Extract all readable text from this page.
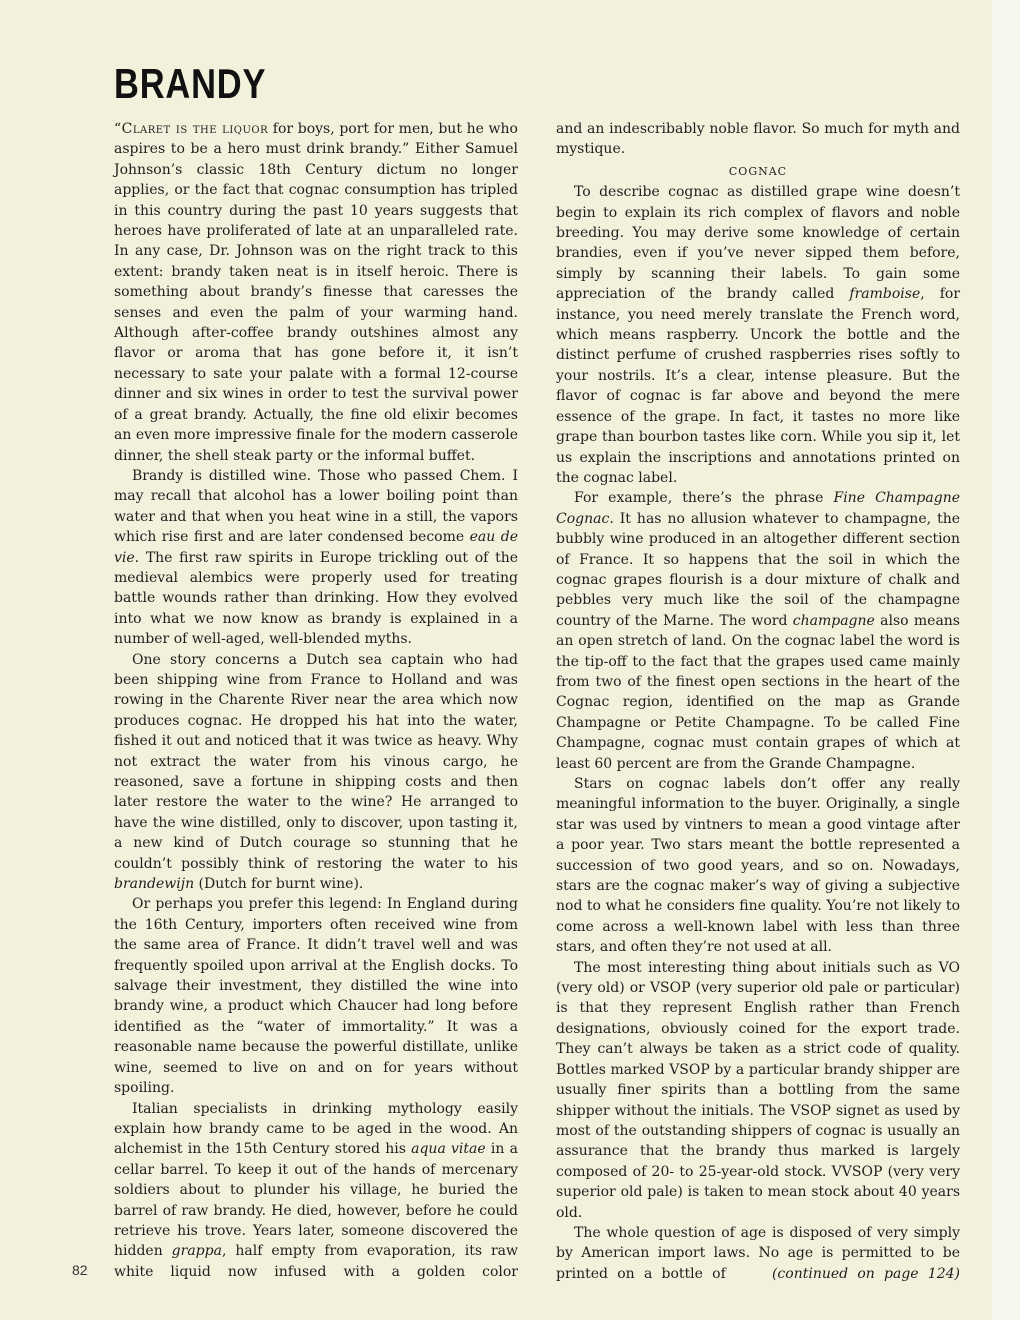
BRANDY

“Claret is the liquor for boys, port for men, but he who aspires to be a hero must drink brandy.” Either Samuel Johnson’s classic 18th Century dictum no longer applies, or the fact that cognac consumption has tripled in this country during the past 10 years suggests that heroes have proliferated of late at an unparalleled rate. In any case, Dr. Johnson was on the right track to this extent: brandy taken neat is in itself heroic. There is something about brandy’s finesse that caresses the senses and even the palm of your warming hand. Although after-coffee brandy outshines almost any flavor or aroma that has gone before it, it isn’t necessary to sate your palate with a formal 12-course dinner and six wines in order to test the survival power of a great brandy. Actually, the fine old elixir becomes an even more impressive finale for the modern casserole dinner, the shell steak party or the informal buffet.

Brandy is distilled wine. Those who passed Chem. I may recall that alcohol has a lower boiling point than water and that when you heat wine in a still, the vapors which rise first and are later condensed become eau de vie. The first raw spirits in Europe trickling out of the medieval alembics were properly used for treating battle wounds rather than drinking. How they evolved into what we now know as brandy is explained in a number of well-aged, well-blended myths.

One story concerns a Dutch sea captain who had been shipping wine from France to Holland and was rowing in the Charente River near the area which now produces cognac. He dropped his hat into the water, fished it out and noticed that it was twice as heavy. Why not extract the water from his vinous cargo, he reasoned, save a fortune in shipping costs and then later restore the water to the wine? He arranged to have the wine distilled, only to discover, upon tasting it, a new kind of Dutch courage so stunning that he couldn’t possibly think of restoring the water to his brandewijn (Dutch for burnt wine).

Or perhaps you prefer this legend: In England during the 16th Century, importers often received wine from the same area of France. It didn’t travel well and was frequently spoiled upon arrival at the English docks. To salvage their investment, they distilled the wine into brandy wine, a product which Chaucer had long before identified as the “water of immortality.” It was a reasonable name because the powerful distillate, unlike wine, seemed to live on and on for years without spoiling.

Italian specialists in drinking mythology easily explain how brandy came to be aged in the wood. An alchemist in the 15th Century stored his aqua vitae in a cellar barrel. To keep it out of the hands of mercenary soldiers about to plunder his village, he buried the barrel of raw brandy. He died, however, before he could retrieve his trove. Years later, someone discovered the hidden grappa, half empty from evaporation, its raw white liquid now infused with a golden color

and an indescribably noble flavor. So much for myth and mystique.

COGNAC

To describe cognac as distilled grape wine doesn’t begin to explain its rich complex of flavors and noble breeding. You may derive some knowledge of certain brandies, even if you’ve never sipped them before, simply by scanning their labels. To gain some appreciation of the brandy called framboise, for instance, you need merely translate the French word, which means raspberry. Uncork the bottle and the distinct perfume of crushed raspberries rises softly to your nostrils. It’s a clear, intense pleasure. But the flavor of cognac is far above and beyond the mere essence of the grape. In fact, it tastes no more like grape than bourbon tastes like corn. While you sip it, let us explain the inscriptions and annotations printed on the cognac label.

For example, there’s the phrase Fine Champagne Cognac. It has no allusion whatever to champagne, the bubbly wine produced in an altogether different section of France. It so happens that the soil in which the cognac grapes flourish is a dour mixture of chalk and pebbles very much like the soil of the champagne country of the Marne. The word champagne also means an open stretch of land. On the cognac label the word is the tip-off to the fact that the grapes used came mainly from two of the finest open sections in the heart of the Cognac region, identified on the map as Grande Champagne or Petite Champagne. To be called Fine Champagne, cognac must contain grapes of which at least 60 percent are from the Grande Champagne.

Stars on cognac labels don’t offer any really meaningful information to the buyer. Originally, a single star was used by vintners to mean a good vintage after a poor year. Two stars meant the bottle represented a succession of two good years, and so on. Nowadays, stars are the cognac maker’s way of giving a subjective nod to what he considers fine quality. You’re not likely to come across a well-known label with less than three stars, and often they’re not used at all.

The most interesting thing about initials such as VO (very old) or VSOP (very superior old pale or particular) is that they represent English rather than French designations, obviously coined for the export trade. They can’t always be taken as a strict code of quality. Bottles marked VSOP by a particular brandy shipper are usually finer spirits than a bottling from the same shipper without the initials. The VSOP signet as used by most of the outstanding shippers of cognac is usually an assurance that the brandy thus marked is largely composed of 20- to 25-year-old stock. VVSOP (very very superior old pale) is taken to mean stock about 40 years old.

The whole question of age is disposed of very simply by American import laws. No age is permitted to be printed on a bottle of	(continued on page 124)

82
